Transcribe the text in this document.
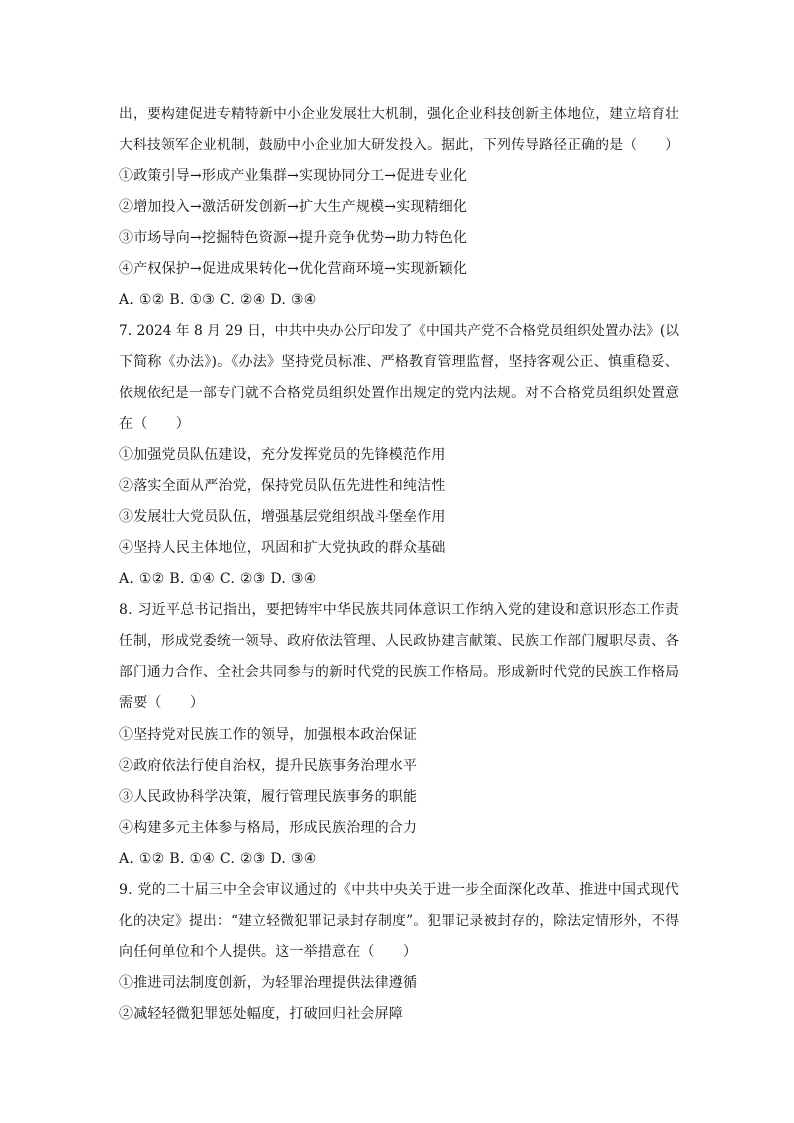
出，要构建促进专精特新中小企业发展壮大机制，强化企业科技创新主体地位，建立培育壮
大科技领军企业机制，鼓励中小企业加大研发投入。据此，下列传导路径正确的是（　　）
①政策引导→形成产业集群→实现协同分工→促进专业化
②增加投入→激活研发创新→扩大生产规模→实现精细化
③市场导向→挖掘特色资源→提升竞争优势→助力特色化
④产权保护→促进成果转化→优化营商环境→实现新颖化
A. ①② B. ①③ C. ②④ D. ③④
7. 2024 年 8 月 29 日，中共中央办公厅印发了《中国共产党不合格党员组织处置办法》(以
下简称《办法》)。《办法》坚持党员标准、严格教育管理监督，坚持客观公正、慎重稳妥、
依规依纪是一部专门就不合格党员组织处置作出规定的党内法规。对不合格党员组织处置意
在（　　）
①加强党员队伍建设，充分发挥党员的先锋模范作用
②落实全面从严治党，保持党员队伍先进性和纯洁性
③发展壮大党员队伍，增强基层党组织战斗堡垒作用
④坚持人民主体地位，巩固和扩大党执政的群众基础
A. ①② B. ①④ C. ②③ D. ③④
8. 习近平总书记指出，要把铸牢中华民族共同体意识工作纳入党的建设和意识形态工作责
任制，形成党委统一领导、政府依法管理、人民政协建言献策、民族工作部门履职尽责、各
部门通力合作、全社会共同参与的新时代党的民族工作格局。形成新时代党的民族工作格局
需要（　　）
①坚持党对民族工作的领导，加强根本政治保证
②政府依法行使自治权，提升民族事务治理水平
③人民政协科学决策，履行管理民族事务的职能
④构建多元主体参与格局，形成民族治理的合力
A. ①② B. ①④ C. ②③ D. ③④
9. 党的二十届三中全会审议通过的《中共中央关于进一步全面深化改革、推进中国式现代
化的决定》提出：“建立轻微犯罪记录封存制度”。犯罪记录被封存的，除法定情形外，不得
向任何单位和个人提供。这一举措意在（　　）
①推进司法制度创新，为轻罪治理提供法律遵循
②减轻轻微犯罪惩处幅度，打破回归社会屏障
